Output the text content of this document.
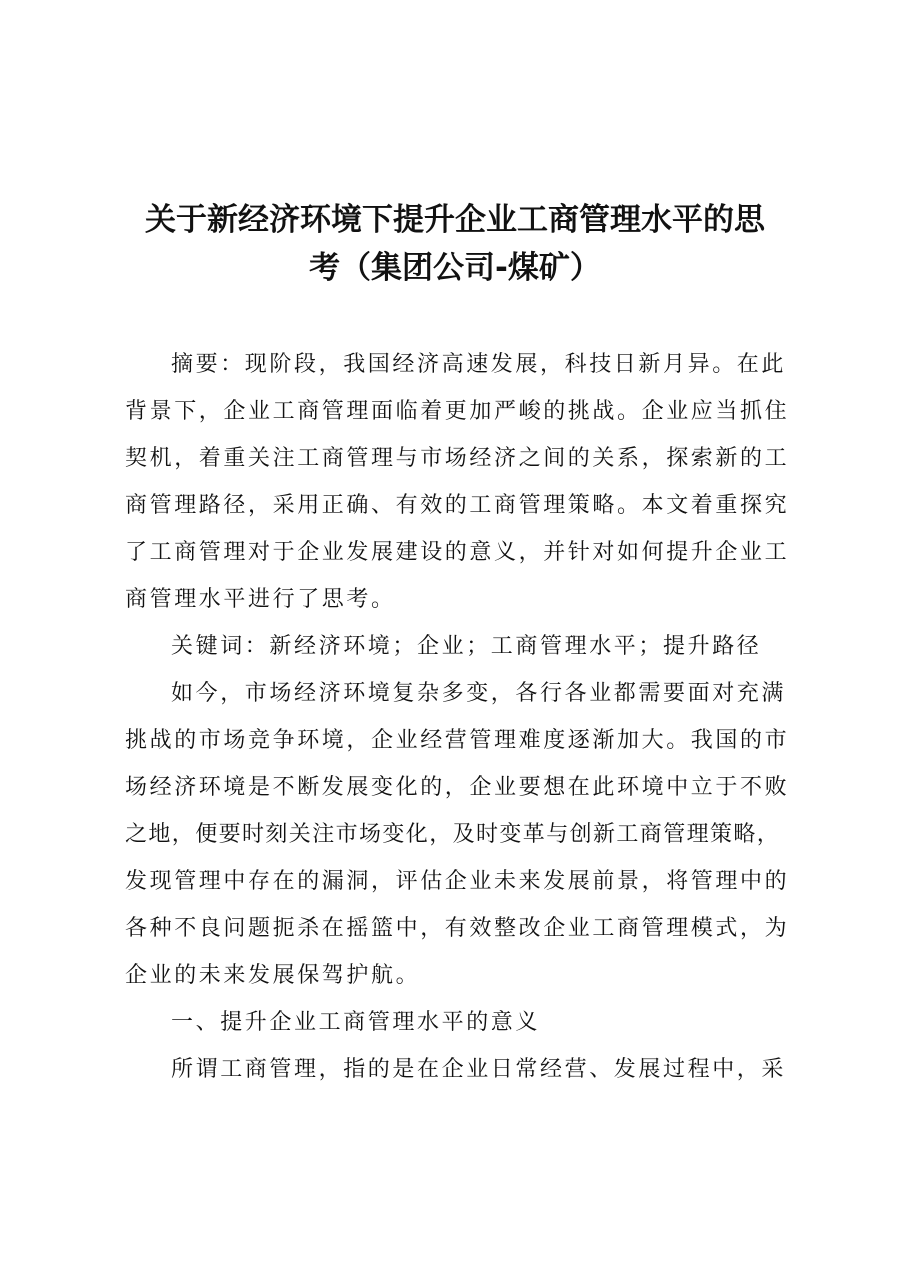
关于新经济环境下提升企业工商管理水平的思
考（集团公司-煤矿）
摘要：现阶段，我国经济高速发展，科技日新月异。在此
背景下，企业工商管理面临着更加严峻的挑战。企业应当抓住
契机，着重关注工商管理与市场经济之间的关系，探索新的工
商管理路径，采用正确、有效的工商管理策略。本文着重探究
了工商管理对于企业发展建设的意义，并针对如何提升企业工
商管理水平进行了思考。
关键词：新经济环境；企业；工商管理水平；提升路径
如今，市场经济环境复杂多变，各行各业都需要面对充满
挑战的市场竞争环境，企业经营管理难度逐渐加大。我国的市
场经济环境是不断发展变化的，企业要想在此环境中立于不败
之地，便要时刻关注市场变化，及时变革与创新工商管理策略，
发现管理中存在的漏洞，评估企业未来发展前景，将管理中的
各种不良问题扼杀在摇篮中，有效整改企业工商管理模式，为
企业的未来发展保驾护航。
一、提升企业工商管理水平的意义
所谓工商管理，指的是在企业日常经营、发展过程中，采
